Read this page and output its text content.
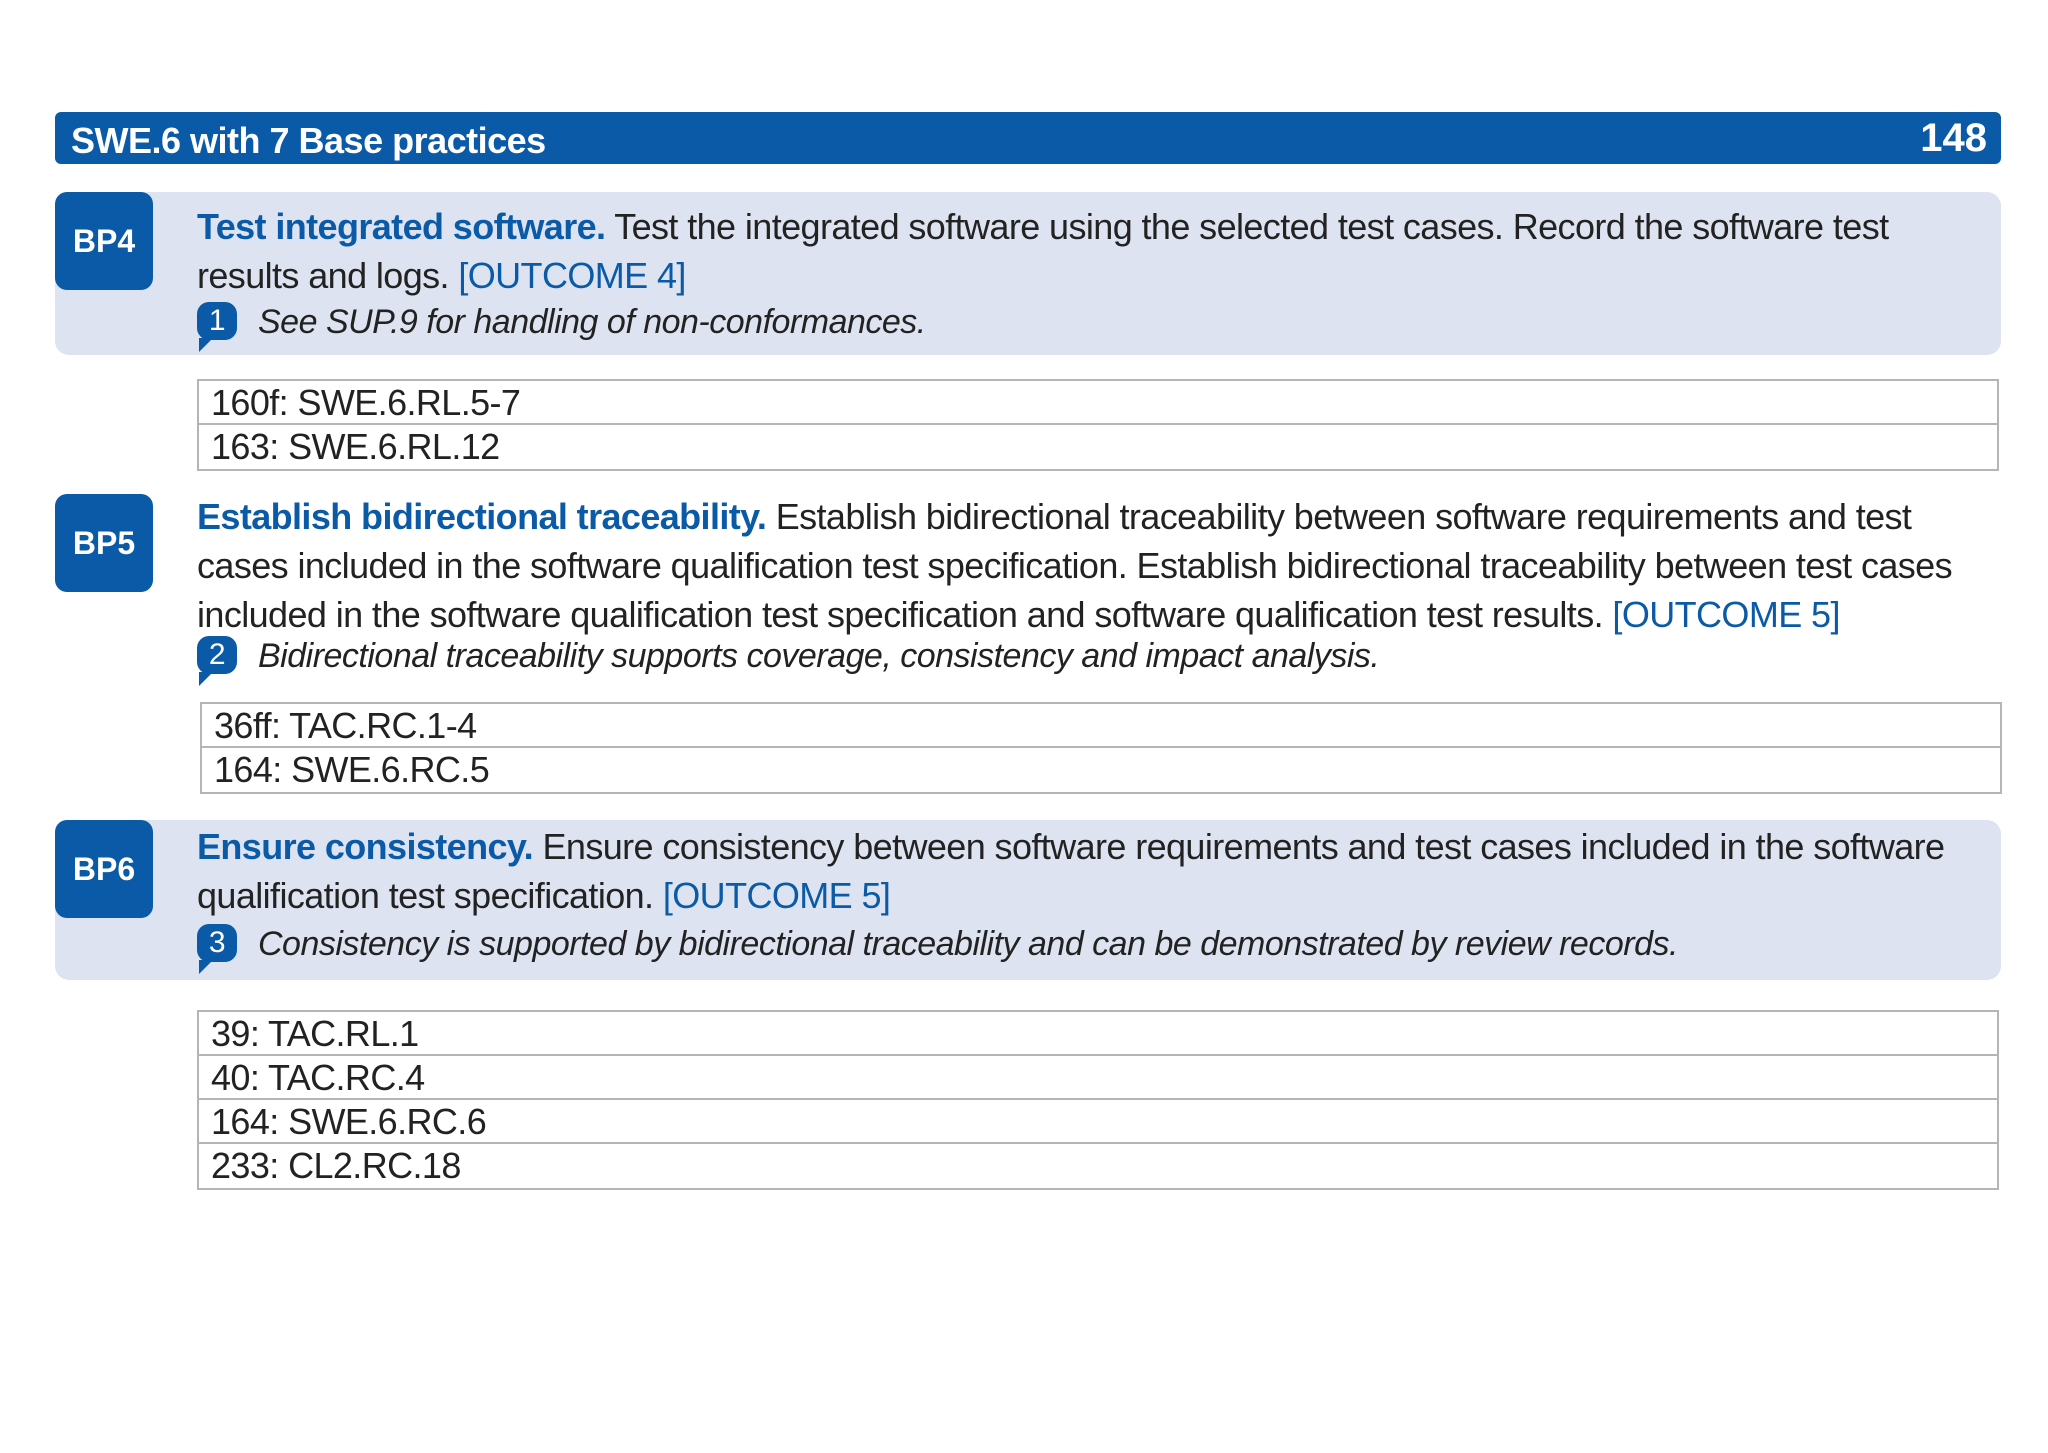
SWE.6 with 7 Base practices	148
BP4	Test integrated software. Test the integrated software using the selected test cases. Record the software test results and logs. [OUTCOME 4]
1 See SUP.9 for handling of non-conformances.
160f: SWE.6.RL.5-7
163: SWE.6.RL.12
BP5
Establish bidirectional traceability. Establish bidirectional traceability between software requirements and test cases included in the software qualification test specification. Establish bidirectional traceability between test cases included in the software qualification test specification and software qualification test results. [OUTCOME 5]
2 Bidirectional traceability supports coverage, consistency and impact analysis.
36ff: TAC.RC.1-4
164: SWE.6.RC.5
BP6
Ensure consistency. Ensure consistency between software requirements and test cases included in the software qualification test specification. [OUTCOME 5]
3 Consistency is supported by bidirectional traceability and can be demonstrated by review records.
39: TAC.RL.1
40: TAC.RC.4
164: SWE.6.RC.6
233: CL2.RC.18
